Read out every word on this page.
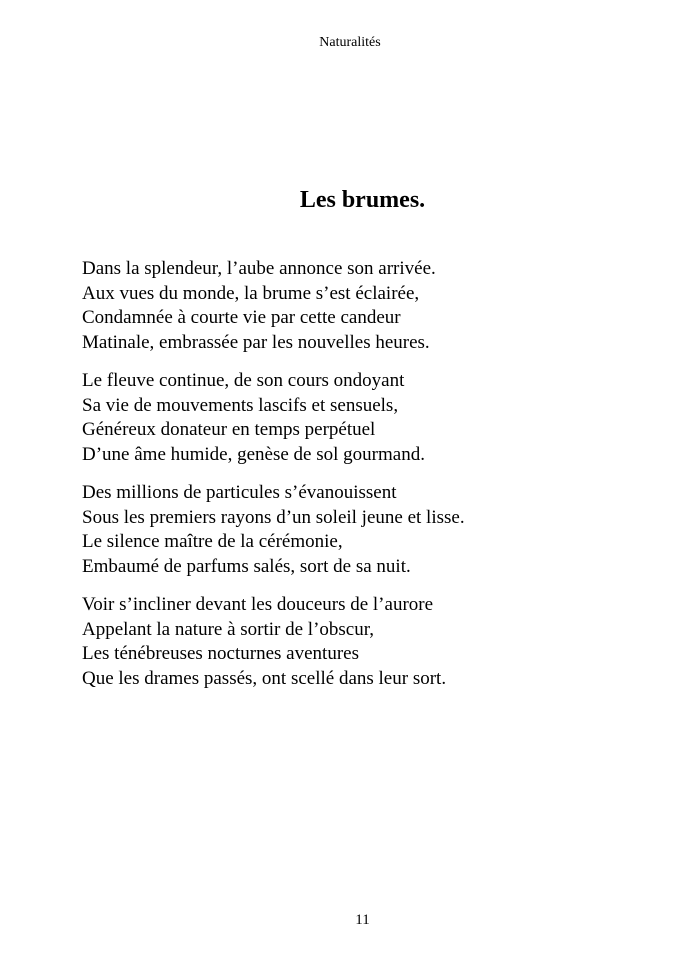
Naturalités
Les brumes.
Dans la splendeur, l’aube annonce son arrivée.
Aux vues du monde, la brume s’est éclairée,
Condamnée à courte vie par cette candeur
Matinale, embrassée par les nouvelles heures.
Le fleuve continue, de son cours ondoyant
Sa vie de mouvements lascifs et sensuels,
Généreux donateur en temps perpétuel
D’une âme humide, genèse de sol gourmand.
Des millions de particules s’évanouissent
Sous les premiers rayons d’un soleil jeune et lisse.
Le silence maître de la cérémonie,
Embaumé de parfums salés, sort de sa nuit.
Voir s’incliner devant les douceurs de l’aurore
Appelant la nature à sortir de l’obscur,
Les ténébreuses nocturnes aventures
Que les drames passés, ont scellé dans leur sort.
11
